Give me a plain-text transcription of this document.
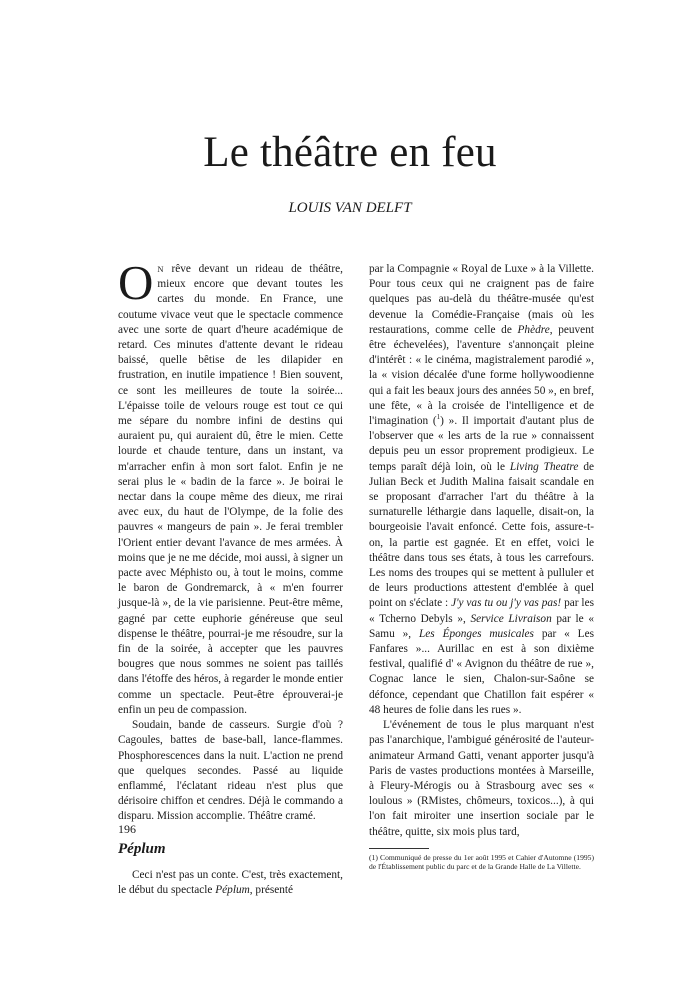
Le théâtre en feu

LOUIS VAN DELFT

O N rêve devant un rideau de théâtre, mieux encore que devant toutes les cartes du monde. En France, une coutume vivace veut que le spectacle commence avec une sorte de quart d'heure académique de retard. Ces minutes d'attente devant le rideau baissé, quelle bêtise de les dilapider en frustration, en inutile impatience ! Bien souvent, ce sont les meilleures de toute la soirée... L'épaisse toile de velours rouge est tout ce qui me sépare du nombre infini de destins qui auraient pu, qui auraient dû, être le mien. Cette lourde et chaude tenture, dans un instant, va m'arracher enfin à mon sort falot. Enfin je ne serai plus le « badin de la farce ». Je boirai le nectar dans la coupe même des dieux, me rirai avec eux, du haut de l'Olympe, de la folie des pauvres « mangeurs de pain ». Je ferai trembler l'Orient entier devant l'avance de mes armées. À moins que je ne me décide, moi aussi, à signer un pacte avec Méphisto ou, à tout le moins, comme le baron de Gondremarck, à « m'en fourrer jusque-là », de la vie parisienne. Peut-être même, gagné par cette euphorie généreuse que seul dispense le théâtre, pourrai-je me résoudre, sur la fin de la soirée, à accepter que les pauvres bougres que nous sommes ne soient pas taillés dans l'étoffe des héros, à regarder le monde entier comme un spectacle. Peut-être éprouverai-je enfin un peu de compassion.

Soudain, bande de casseurs. Surgie d'où ? Cagoules, battes de base-ball, lance-flammes. Phosphorescences dans la nuit. L'action ne prend que quelques secondes. Passé au liquide enflammé, l'éclatant rideau n'est plus que dérisoire chiffon et cendres. Déjà le commando a disparu. Mission accomplie. Théâtre cramé.

Péplum

Ceci n'est pas un conte. C'est, très exactement, le début du spectacle Péplum, présenté

par la Compagnie « Royal de Luxe » à la Villette. Pour tous ceux qui ne craignent pas de faire quelques pas au-delà du théâtre-musée qu'est devenue la Comédie-Française (mais où les restaurations, comme celle de Phèdre, peuvent être échevelées), l'aventure s'annonçait pleine d'intérêt : « le cinéma, magistralement parodié », la « vision décalée d'une forme hollywoodienne qui a fait les beaux jours des années 50 », en bref, une fête, « à la croisée de l'intelligence et de l'imagination ($^1$) ». Il importait d'autant plus de l'observer que « les arts de la rue » connaissent depuis peu un essor proprement prodigieux. Le temps paraît déjà loin, où le Living Theatre de Julian Beck et Judith Malina faisait scandale en se proposant d'arracher l'art du théâtre à la surnaturelle léthargie dans laquelle, disait-on, la bourgeoisie l'avait enfoncé. Cette fois, assure-t-on, la partie est gagnée. Et en effet, voici le théâtre dans tous ses états, à tous les carrefours. Les noms des troupes qui se mettent à pulluler et de leurs productions attestent d'emblée à quel point on s'éclate : J'y vas tu ou j'y vas pas! par les « Tcherno Debyls », Service Livraison par le « Samu », Les Éponges musicales par « Les Fanfares »... Aurillac en est à son dixième festival, qualifié d' « Avignon du théâtre de rue », Cognac lance le sien, Chalon-sur-Saône se défonce, cependant que Chatillon fait espérer « 48 heures de folie dans les rues ».

L'événement de tous le plus marquant n'est pas l'anarchique, l'ambigué générosité de l'auteur-animateur Armand Gatti, venant apporter jusqu'à Paris de vastes productions montées à Marseille, à Fleury-Mérogis ou à Strasbourg avec ses « loulous » (RMistes, chômeurs, toxicos...), à qui l'on fait miroiter une insertion sociale par le théâtre, quitte, six mois plus tard,

(1) Communiqué de presse du 1er août 1995 et Cahier d'Automne (1995) de l'Établissement public du parc et de la Grande Halle de La Villette.

196
